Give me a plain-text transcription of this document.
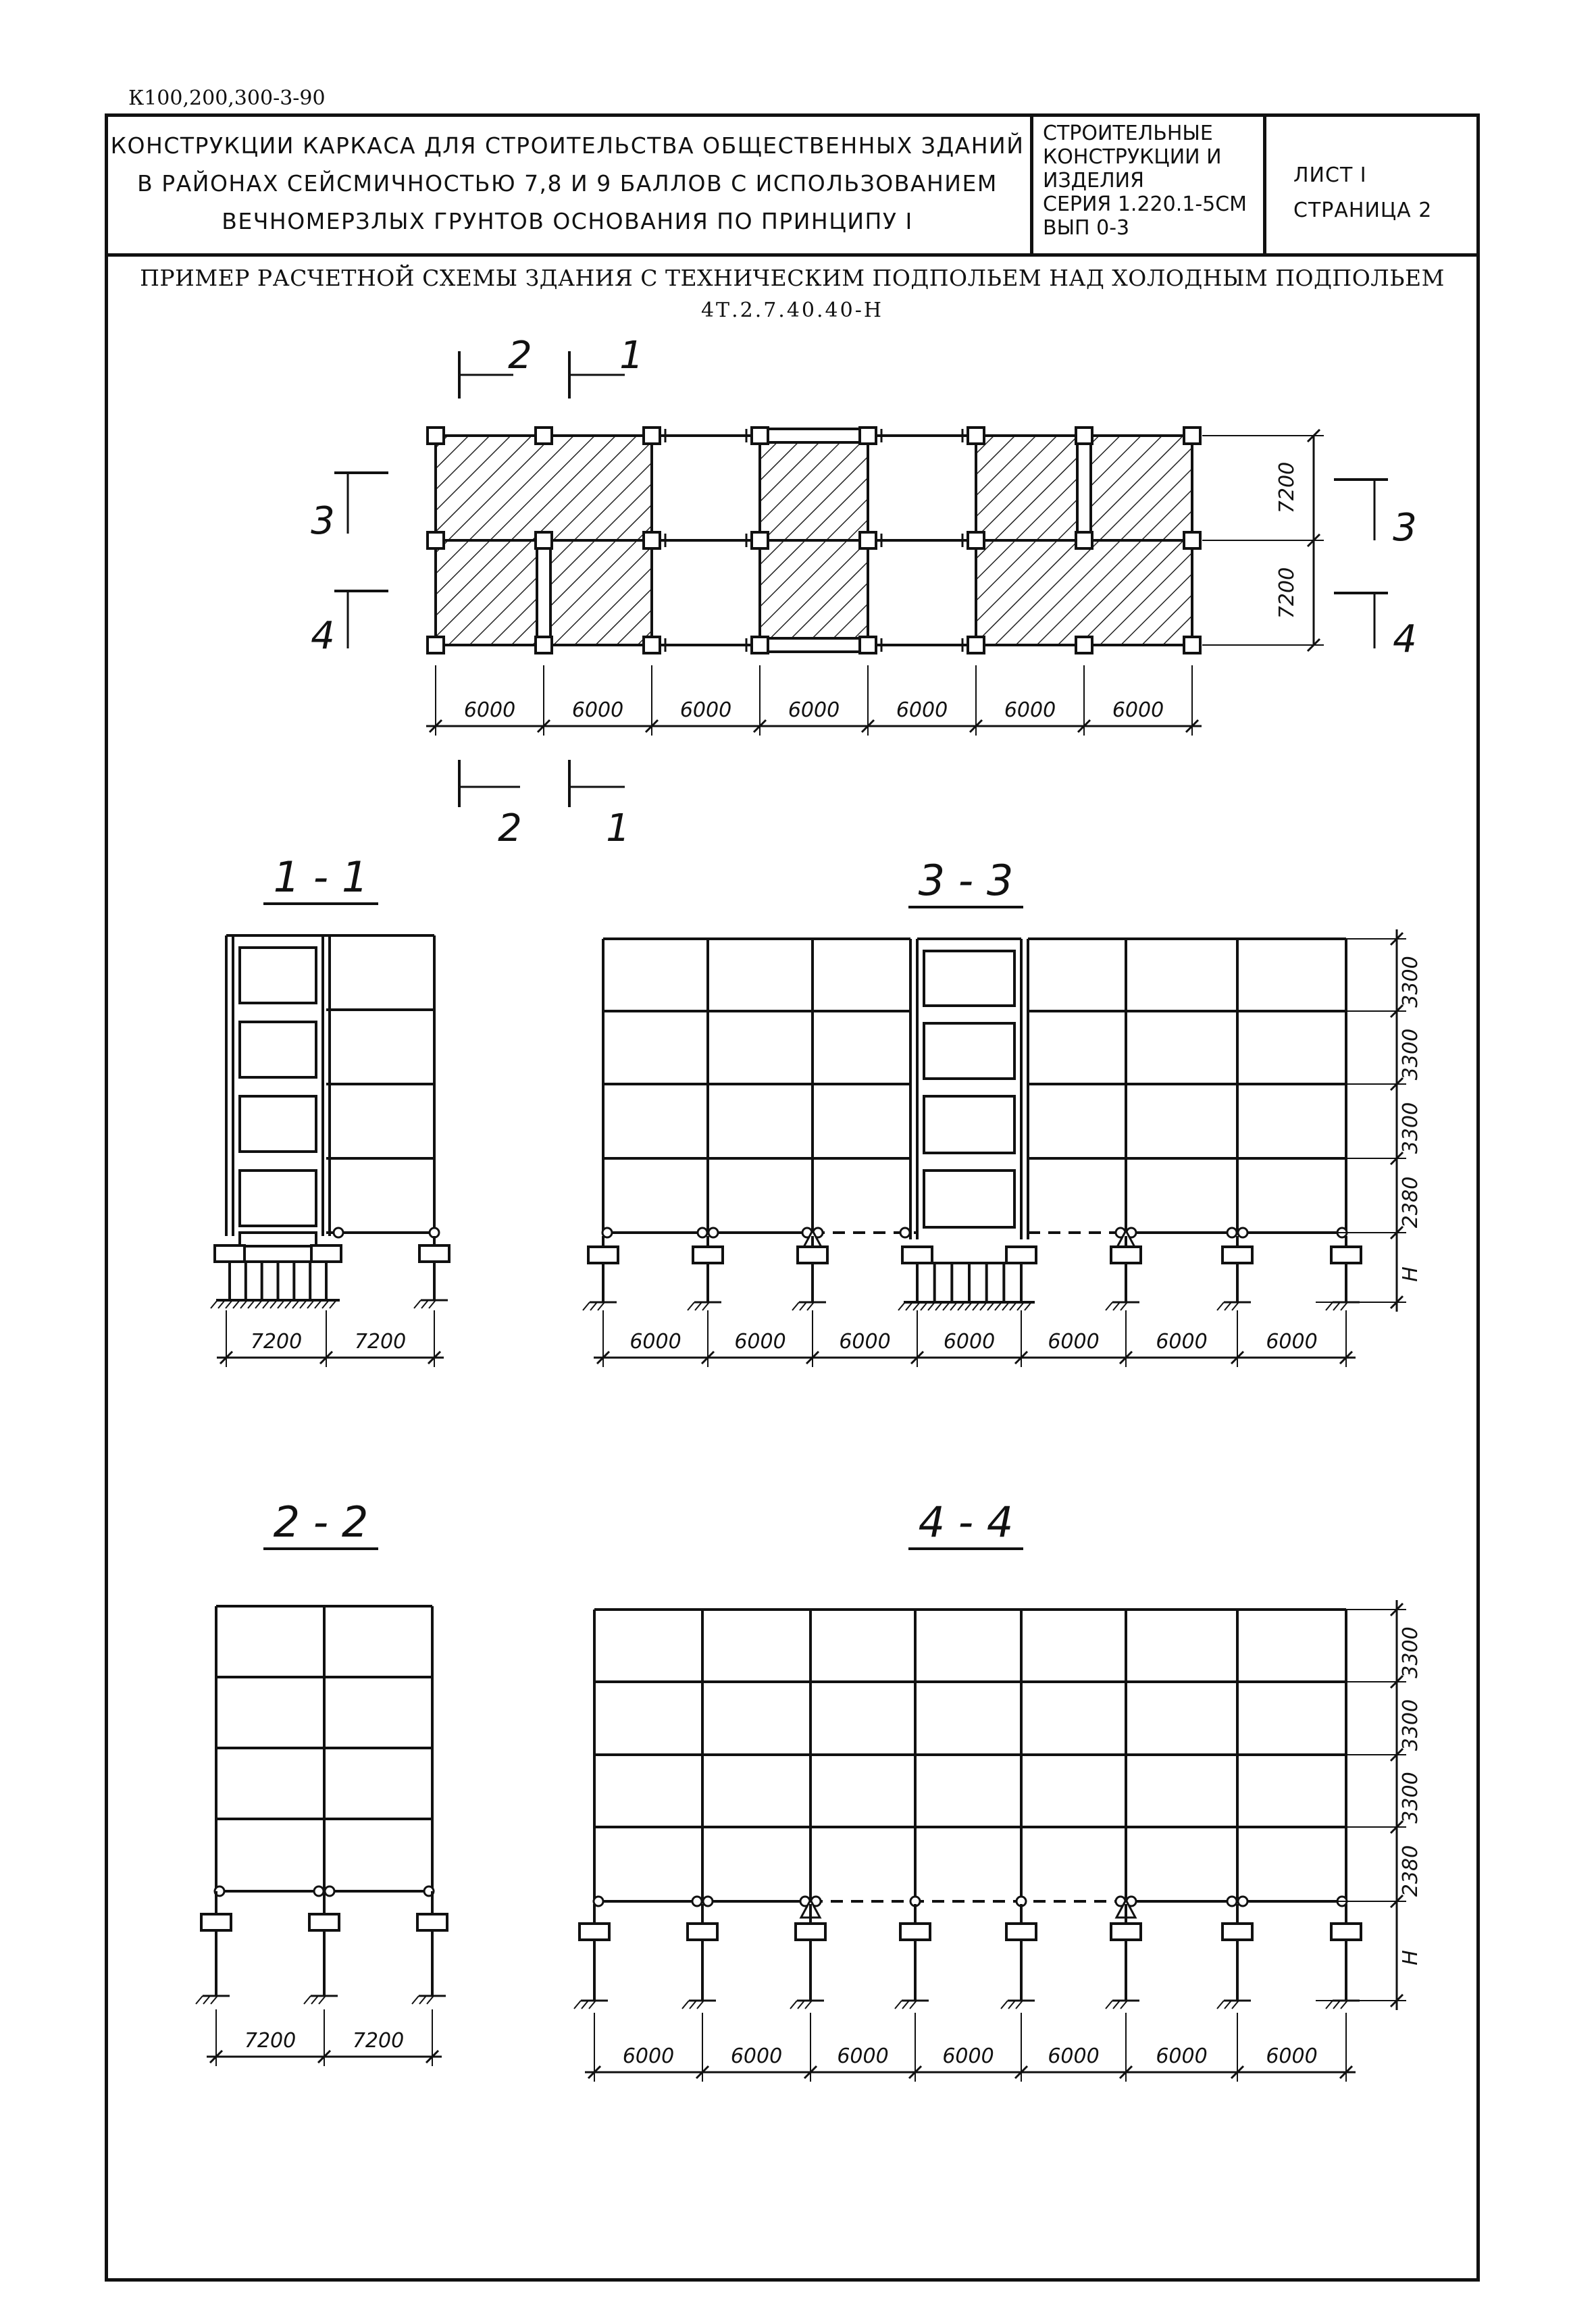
К100,200,300-3-90
КОНСТРУКЦИИ КАРКАСА ДЛЯ СТРОИТЕЛЬСТВА ОБЩЕСТВЕННЫХ ЗДАНИЙ
В РАЙОНАХ СЕЙСМИЧНОСТЬЮ 7,8 И 9 БАЛЛОВ С ИСПОЛЬЗОВАНИЕМ
ВЕЧНОМЕРЗЛЫХ ГРУНТОВ ОСНОВАНИЯ ПО ПРИНЦИПУ I
СТРОИТЕЛЬНЫЕ
КОНСТРУКЦИИ И
ИЗДЕЛИЯ
СЕРИЯ 1.220.1-5СМ
ВЫП 0-3
ЛИСТ I
СТРАНИЦА 2
ПРИМЕР РАСЧЕТНОЙ СХЕМЫ ЗДАНИЯ С ТЕХНИЧЕСКИМ ПОДПОЛЬЕМ НАД ХОЛОДНЫМ ПОДПОЛЬЕМ
4Т.2.7.40.40-Н
6000	6000	6000	6000	6000	6000	6000
7200
7200
2 1
2 1
3
4
3
4
1 - 1
7200	7200
3 - 3
6000	6000	6000	6000	6000	6000	6000
3300
3300
3300
2380
Н
2 - 2
7200	7200
4 - 4
6000	6000	6000	6000	6000	6000	6000
3300
3300
3300
2380
Н
